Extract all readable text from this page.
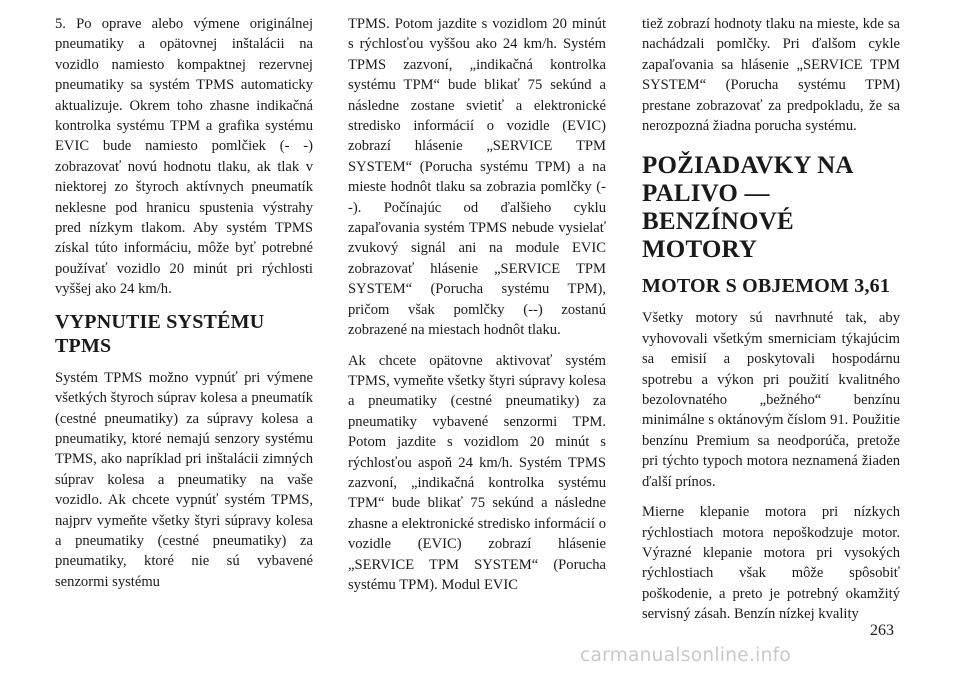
5. Po oprave alebo výmene originálnej pneumatiky a opätovnej inštalácii na vozidlo namiesto kompaktnej rezervnej pneumatiky sa systém TPMS automaticky aktualizuje. Okrem toho zhasne indikačná kontrolka systému TPM a grafika systému EVIC bude namiesto pomlčiek (- -) zobrazovať novú hodnotu tlaku, ak tlak v niektorej zo štyroch aktívnych pneumatík neklesne pod hranicu spustenia výstrahy pred nízkym tlakom. Aby systém TPMS získal túto informáciu, môže byť potrebné používať vozidlo 20 minút pri rýchlosti vyššej ako 24 km/h.

VYPNUTIE SYSTÉMU TPMS

Systém TPMS možno vypnúť pri výmene všetkých štyroch súprav kolesa a pneumatík (cestné pneumatiky) za súpravy kolesa a pneumatiky, ktoré nemajú senzory systému TPMS, ako napríklad pri inštalácii zimných súprav kolesa a pneumatiky na vaše vozidlo. Ak chcete vypnúť systém TPMS, najprv vymeňte všetky štyri súpravy kolesa a pneumatiky (cestné pneumatiky) za pneumatiky, ktoré nie sú vybavené senzormi systému

TPMS. Potom jazdite s vozidlom 20 minút s rýchlosťou vyššou ako 24 km/h. Systém TPMS zazvoní, „indikačná kontrolka systému TPM“ bude blikať 75 sekúnd a následne zostane svietiť a elektronické stredisko informácií o vozidle (EVIC) zobrazí hlásenie „SERVICE TPM SYSTEM“ (Porucha systému TPM) a na mieste hodnôt tlaku sa zobrazia pomlčky (--). Počínajúc od ďalšieho cyklu zapaľovania systém TPMS nebude vysielať zvukový signál ani na module EVIC zobrazovať hlásenie „SERVICE TPM SYSTEM“ (Porucha systému TPM), pričom však pomlčky (--) zostanú zobrazené na miestach hodnôt tlaku.

Ak chcete opätovne aktivovať systém TPMS, vymeňte všetky štyri súpravy kolesa a pneumatiky (cestné pneumatiky) za pneumatiky vybavené senzormi TPM. Potom jazdite s vozidlom 20 minút s rýchlosťou aspoň 24 km/h. Systém TPMS zazvoní, „indikačná kontrolka systému TPM“ bude blikať 75 sekúnd a následne zhasne a elektronické stredisko informácií o vozidle (EVIC) zobrazí hlásenie „SERVICE TPM SYSTEM“ (Porucha systému TPM). Modul EVIC

tiež zobrazí hodnoty tlaku na mieste, kde sa nachádzali pomlčky. Pri ďalšom cykle zapaľovania sa hlásenie „SERVICE TPM SYSTEM“ (Porucha systému TPM) prestane zobrazovať za predpokladu, že sa nerozpozná žiadna porucha systému.

POŽIADAVKY NA PALIVO — BENZÍNOVÉ MOTORY
MOTOR S OBJEMOM 3,61

Všetky motory sú navrhnuté tak, aby vyhovovali všetkým smerniciam týkajúcim sa emisií a poskytovali hospodárnu spotrebu a výkon pri použití kvalitného bezolovnatého „bežného“ benzínu minimálne s oktánovým číslom 91. Použitie benzínu Premium sa neodporúča, pretože pri týchto typoch motora neznamená žiaden ďalší prínos.

Mierne klepanie motora pri nízkych rýchlostiach motora nepoškodzuje motor. Výrazné klepanie motora pri vysokých rýchlostiach však môže spôsobiť poškodenie, a preto je potrebný okamžitý servisný zásah. Benzín nízkej kvality

263
carmanualsonline.info
